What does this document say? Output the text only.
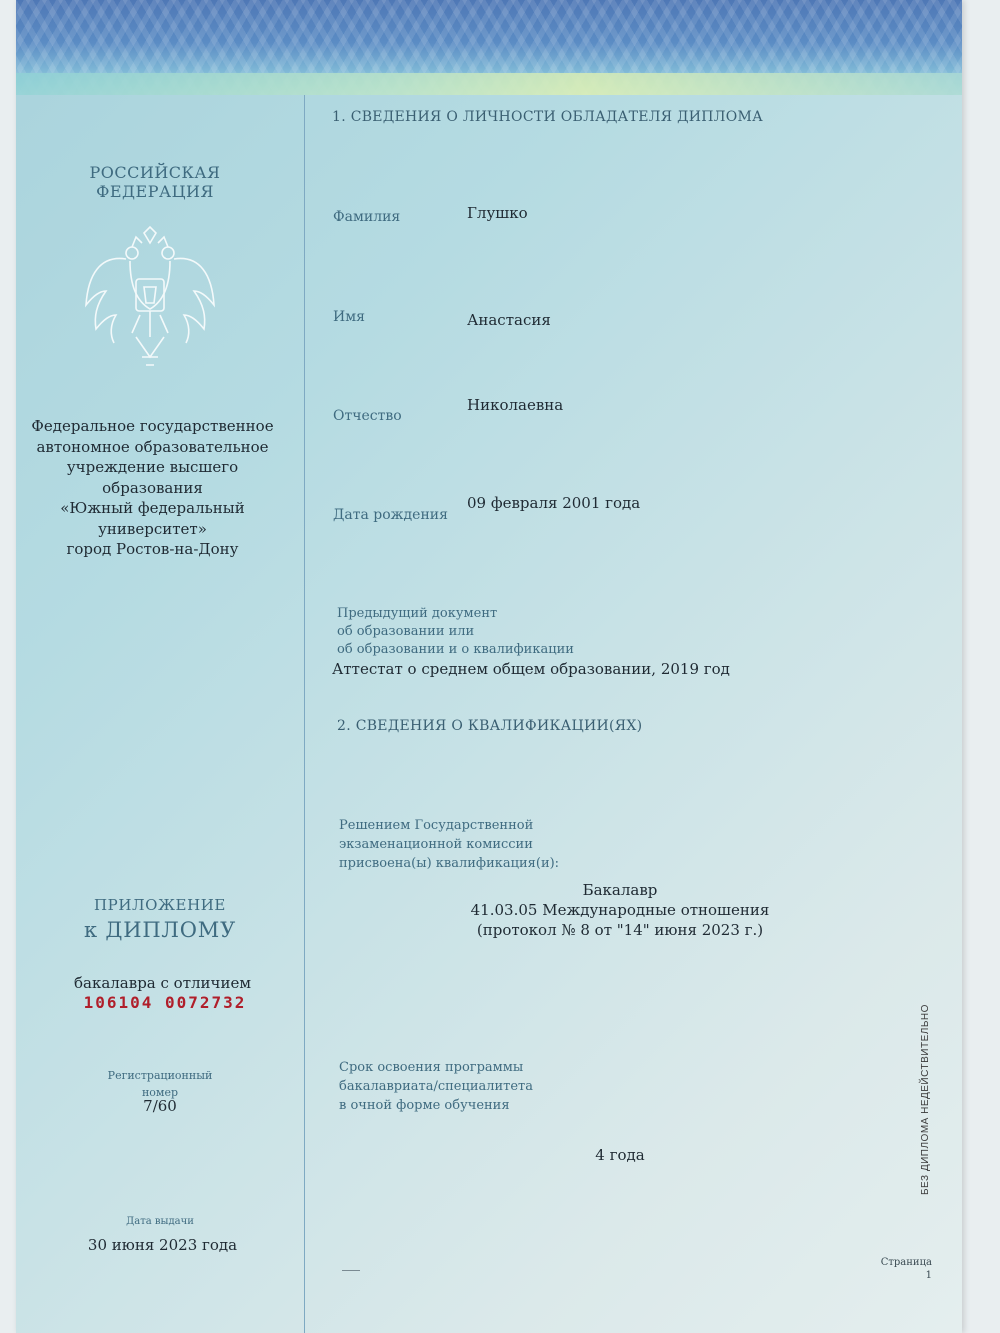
РОССИЙСКАЯ
ФЕДЕРАЦИЯ
Федеральное государственное
автономное образовательное
учреждение высшего образования
«Южный федеральный
университет»
город Ростов-на-Дону
ПРИЛОЖЕНИЕ
к ДИПЛОМУ
бакалавра с отличием
106104 0072732
Регистрационный
номер
7/60
Дата выдачи
30 июня 2023 года
1. СВЕДЕНИЯ О ЛИЧНОСТИ ОБЛАДАТЕЛЯ ДИПЛОМА
Фамилия	Глушко
Имя	Анастасия
Отчество
Николаевна
Дата рождения
09 февраля 2001 года
Предыдущий документ
об образовании или
об образовании и о квалификации
Аттестат о среднем общем образовании, 2019 год
2. СВЕДЕНИЯ О КВАЛИФИКАЦИИ(ЯХ)
Решением Государственной
экзаменационной комиссии
присвоена(ы) квалификация(и):
Бакалавр
41.03.05 Международные отношения
(протокол № 8 от "14" июня 2023 г.)
Срок освоения программы
бакалавриата/специалитета
в очной форме обучения
4 года
Страница
1
БЕЗ ДИПЛОМА НЕДЕЙСТВИТЕЛЬНО
